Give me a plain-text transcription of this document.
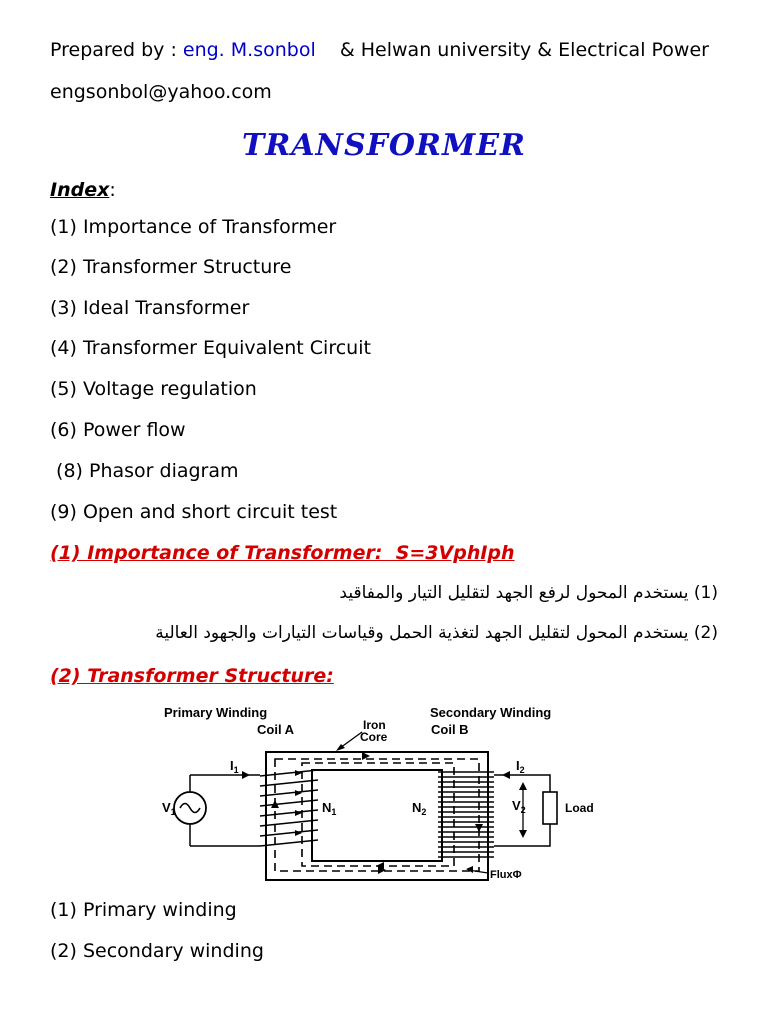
Prepared by : eng. M.sonbol & Helwan university & Electrical Power
engsonbol@yahoo.com
TRANSFORMER
Index:
(1) Importance of Transformer
(2) Transformer Structure
(3) Ideal Transformer
(4) Transformer Equivalent Circuit
(5) Voltage regulation
(6) Power flow
(8) Phasor diagram
(9) Open and short circuit test
(1) Importance of Transformer:  S=3VphIph
(1) يستخدم المحول لرفع الجهد لتقليل التيار والمفاقيد
(2) يستخدم المحول لتقليل الجهد لتغذية الحمل وقياسات التيارات والجهود العالية
(2) Transformer Structure:
Primary Winding
Coil A	Iron
Core
Secondary Winding
Coil B
$I_1$
$V_1$	$N_1$	$N_2$
$I_2$
$V_2$	Load
FluxΦ
(1) Primary winding
(2) Secondary winding
